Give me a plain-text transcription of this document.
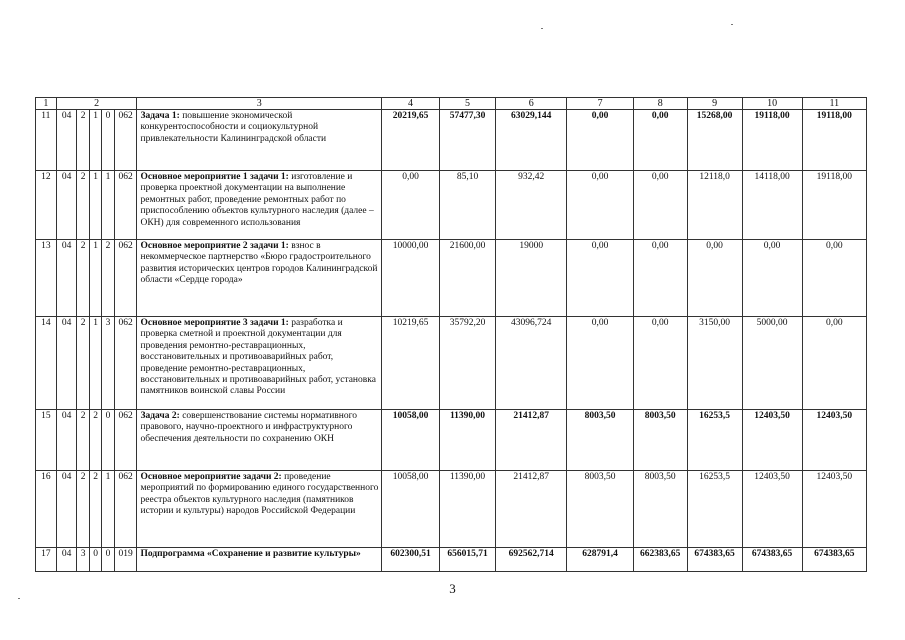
1	2					3	4	5	6	7	8	9	10	11
11	04	2	1	0	062	Задача 1: повышение экономической конкурентоспособности и социокультурной привлекательности Калининградской области	20219,65	57477,30	63029,144	0,00	0,00	15268,00	19118,00	19118,00
12	04	2	1	1	062	Основное мероприятие 1 задачи 1: изготовление и проверка проектной документации на выполнение ремонтных работ, проведение ремонтных работ по приспособлению объектов культурного наследия (далее – ОКН) для современного использования	0,00	85,10	932,42	0,00	0,00	12118,0	14118,00	19118,00
13	04	2	1	2	062	Основное мероприятие 2 задачи 1: взнос в некоммерческое партнерство «Бюро градостроительного развития исторических центров городов Калининградской области «Сердце города»	10000,00	21600,00	19000	0,00	0,00	0,00	0,00	0,00
14	04	2	1	3	062	Основное мероприятие 3 задачи 1: разработка и проверка сметной и проектной документации для проведения ремонтно-реставрационных, восстановительных и противоаварийных работ, проведение ремонтно-реставрационных, восстановительных и противоаварийных работ, установка памятников воинской славы России	10219,65	35792,20	43096,724	0,00	0,00	3150,00	5000,00	0,00
15	04	2	2	0	062	Задача 2: совершенствование системы нормативного правового, научно-проектного и инфраструктурного обеспечения деятельности по сохранению ОКН	10058,00	11390,00	21412,87	8003,50	8003,50	16253,5	12403,50	12403,50
16	04	2	2	1	062	Основное мероприятие задачи 2: проведение мероприятий по формированию единого государственного реестра объектов культурного наследия (памятников истории и культуры) народов Российской Федерации	10058,00	11390,00	21412,87	8003,50	8003,50	16253,5	12403,50	12403,50
17	04	3	0	0	019	Подпрограмма «Сохранение и развитие культуры»	602300,51	656015,71	692562,714	628791,4	662383,65	674383,65	674383,65	674383,65
3
